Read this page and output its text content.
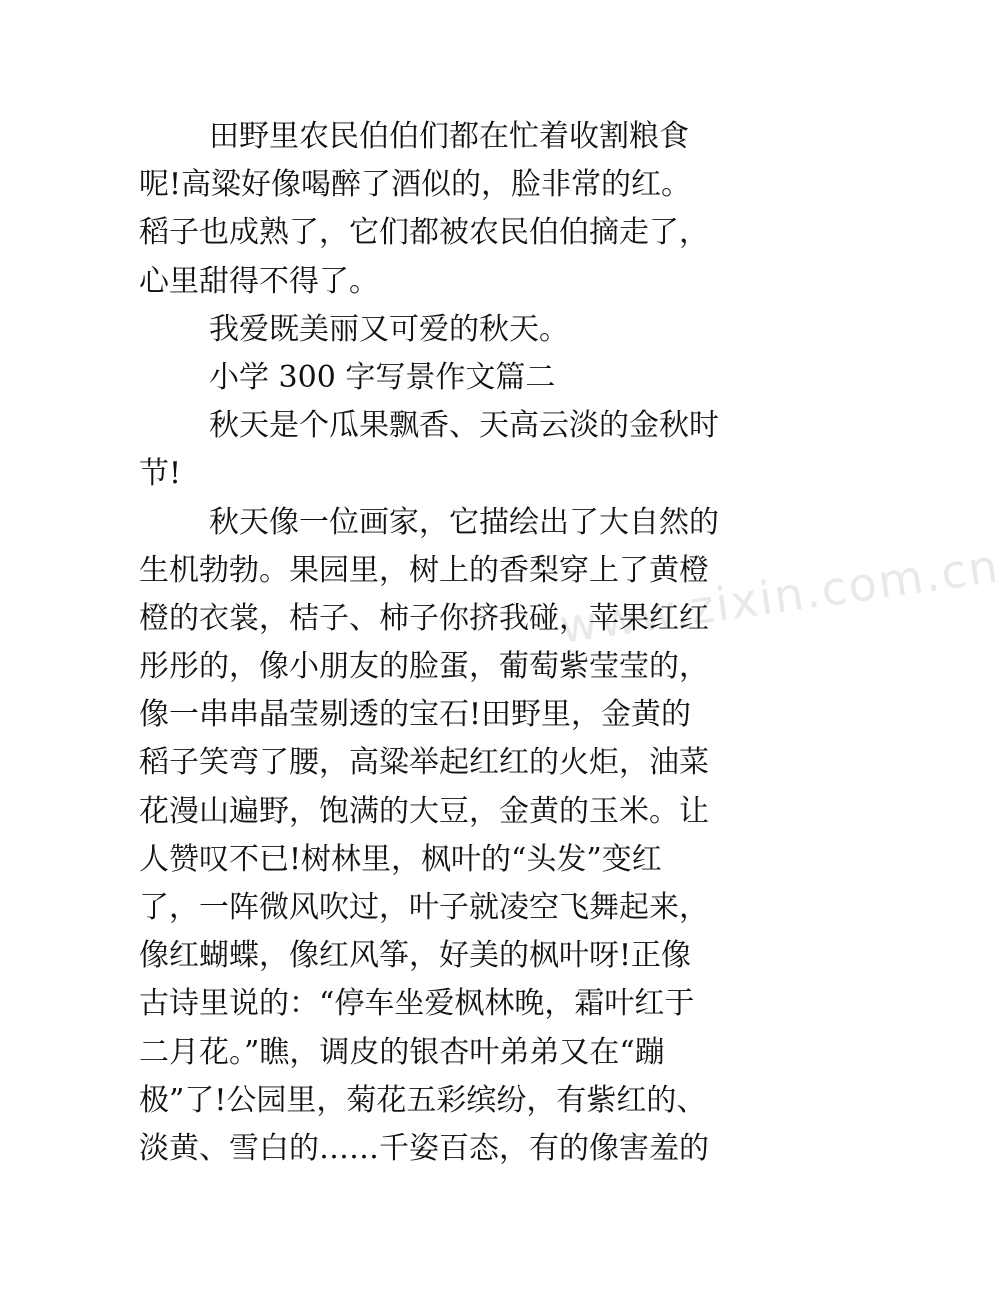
www.zixin.com.cn
田野里农民伯伯们都在忙着收割粮食
呢!高粱好像喝醉了酒似的，脸非常的红。
稻子也成熟了，它们都被农民伯伯摘走了，
心里甜得不得了。
我爱既美丽又可爱的秋天。
小学 300 字写景作文篇二
秋天是个瓜果飘香、天高云淡的金秋时
节!
秋天像一位画家，它描绘出了大自然的
生机勃勃。果园里，树上的香梨穿上了黄橙
橙的衣裳，桔子、柿子你挤我碰，苹果红红
彤彤的，像小朋友的脸蛋，葡萄紫莹莹的，
像一串串晶莹剔透的宝石!田野里，金黄的
稻子笑弯了腰，高粱举起红红的火炬，油菜
花漫山遍野，饱满的大豆，金黄的玉米。让
人赞叹不已!树林里，枫叶的“头发”变红
了，一阵微风吹过，叶子就凌空飞舞起来，
像红蝴蝶，像红风筝，好美的枫叶呀!正像
古诗里说的：“停车坐爱枫林晚，霜叶红于
二月花。”瞧，调皮的银杏叶弟弟又在“蹦
极”了!公园里，菊花五彩缤纷，有紫红的、
淡黄、雪白的……千姿百态，有的像害羞的
